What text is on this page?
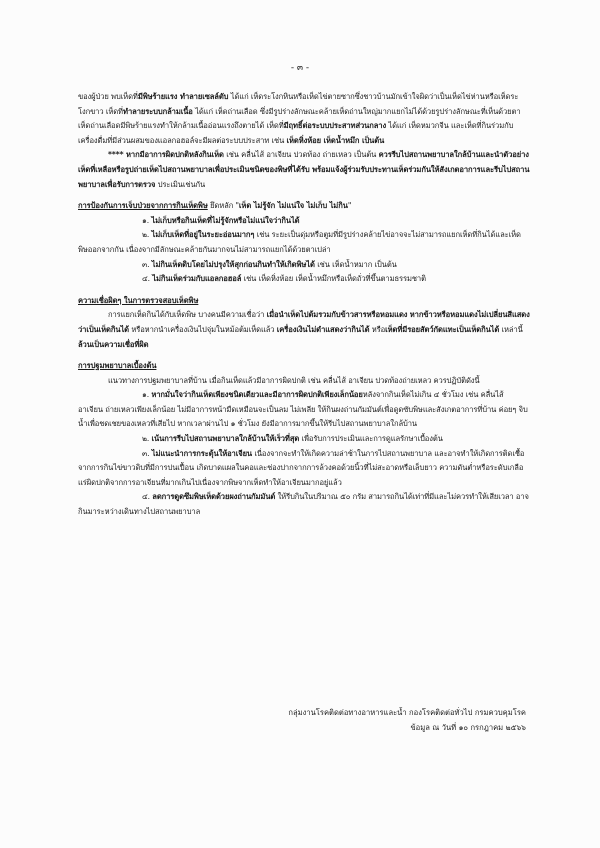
- ๓ -

ของผู้ป่วย พบเห็ดที่มีพิษร้ายแรง ทำลายเซลล์ตับ ได้แก่ เห็ดระโงกหินหรือเห็ดไข่ตายซากซึ่งชาวบ้านมักเข้าใจผิดว่าเป็นเห็ดไข่ห่านหรือเห็ดระโงกขาว เห็ดที่ทำลายระบบกล้ามเนื้อ ได้แก่ เห็ดถ่านเลือด ซึ่งมีรูปร่างลักษณะคล้ายเห็ดถ่านใหญ่มากแยกไม่ได้ด้วยรูปร่างลักษณะที่เห็นด้วยตา เห็ดถ่านเลือดมีพิษร้ายแรงทำให้กล้ามเนื้ออ่อนแรงถึงตายได้ เห็ดที่มีฤทธิ์ต่อระบบประสาทส่วนกลาง ได้แก่ เห็ดหมวกจีน และเห็ดที่กินร่วมกับเครื่องดื่มที่มีส่วนผสมของแอลกอฮอล์จะมีผลต่อระบบประสาท เช่น เห็ดหิ่งห้อย เห็ดน้ำหมึก เป็นต้น

**** หากมีอาการผิดปกติหลังกินเห็ด เช่น คลื่นไส้ อาเจียน ปวดท้อง ถ่ายเหลว เป็นต้น ควรรีบไปสถานพยาบาลใกล้บ้านและนำตัวอย่างเห็ดที่เหลือหรือรูปถ่ายเห็ดไปสถานพยาบาลเพื่อประเมินชนิดของพิษที่ได้รับ พร้อมแจ้งผู้ร่วมรับประทานเห็ดร่วมกันให้สังเกตอาการและรีบไปสถานพยาบาลเพื่อรับการตรวจ ประเมินเช่นกัน

การป้องกันการเจ็บป่วยจากการกินเห็ดพิษ ยึดหลัก "เห็ด ไม่รู้จัก ไม่แน่ใจ ไม่เก็บ ไม่กิน"

๑. ไม่เก็บหรือกินเห็ดที่ไม่รู้จักหรือไม่แน่ใจว่ากินได้

๒. ไม่เก็บเห็ดที่อยู่ในระยะอ่อนมากๆ เช่น ระยะเป็นดุ่มหรือตูมที่มีรูปร่างคล้ายไข่อาจจะไม่สามารถแยกเห็ดที่กินได้และเห็ดพิษออกจากกัน เนื่องจากมีลักษณะคล้ายกันมากจนไม่สามารถแยกได้ด้วยตาเปล่า

๓. ไม่กินเห็ดดิบโดยไม่ปรุงให้สุกก่อนกินทำให้เกิดพิษได้ เช่น เห็ดน้ำหมาก เป็นต้น

๔. ไม่กินเห็ดร่วมกับแอลกอฮอล์ เช่น เห็ดหิ่งห้อย เห็ดน้ำหมึกหรือเห็ดถั่วที่ขึ้นตามธรรมชาติ

ความเชื่อผิดๆ ในการตรวจสอบเห็ดพิษ

การแยกเห็ดกินได้กับเห็ดพิษ บางคนมีความเชื่อว่า เมื่อนำเห็ดไปต้มรวมกับข้าวสารหรือหอมแดง หากข้าวหรือหอมแดงไม่เปลี่ยนสีแสดงว่าเป็นเห็ดกินได้ หรือหากนำเครื่องเงินไปจุ่มในหม้อต้มเห็ดแล้ว เครื่องเงินไม่ดำแสดงว่ากินได้ หรือเห็ดที่มีรอยสัตว์กัดแทะเป็นเห็ดกินได้ เหล่านี้ล้วนเป็นความเชื่อที่ผิด

การปฐมพยาบาลเบื้องต้น

แนวทางการปฐมพยาบาลที่บ้าน เมื่อกินเห็ดแล้วมีอาการผิดปกติ เช่น คลื่นไส้ อาเจียน ปวดท้องถ่ายเหลว ควรปฏิบัติดังนี้

๑. หากมั่นใจว่ากินเห็ดเพียงชนิดเดียวและมีอาการผิดปกติเพียงเล็กน้อยหลังจากกินเห็ดไม่เกิน ๔ ชั่วโมง เช่น คลื่นไส้ อาเจียน ถ่ายเหลวเพียงเล็กน้อย ไม่มีอาการหน้ามืดเหมือนจะเป็นลม ไม่เพลีย ให้กินผงถ่านกัมมันต์เพื่อดูดซับพิษและสังเกตอาการที่บ้าน ค่อยๆ จิบน้ำเพื่อชดเชยของเหลวที่เสียไป หากเวลาผ่านไป ๑ ชั่วโมง ยังมีอาการมากขึ้นให้รีบไปสถานพยาบาลใกล้บ้าน

๒. เน้นการรีบไปสถานพยาบาลใกล้บ้านให้เร็วที่สุด เพื่อรับการประเมินและการดูแลรักษาเบื้องต้น

๓. ไม่แนะนำการกระตุ้นให้อาเจียน เนื่องจากจะทำให้เกิดความล่าช้าในการไปสถานพยาบาล และอาจทำให้เกิดการติดเชื้อจากการกินไข่ขาวดิบที่มีการปนเปื้อน เกิดบาดแผลในคอและช่องปากจากการล้วงคอด้วยนิ้วที่ไม่สะอาดหรือเล็บยาว ความดันต่ำหรือระดับเกลือแร่ผิดปกติจากการอาเจียนที่มากเกินไปเนื่องจากพิษจากเห็ดทำให้อาเจียนมากอยู่แล้ว

๔. ลดการดูดซึมพิษเห็ดด้วยผงถ่านกัมมันต์ ให้รีบกินในปริมาณ ๕๐ กรัม สามารถกินได้เท่าที่มีและไม่ควรทำให้เสียเวลา อาจกินมาระหว่างเดินทางไปสถานพยาบาล

กลุ่มงานโรคติดต่อทางอาหารและน้ำ กองโรคติดต่อทั่วไป กรมควบคุมโรค
ข้อมูล ณ วันที่ ๑๐ กรกฎาคม ๒๕๖๖
